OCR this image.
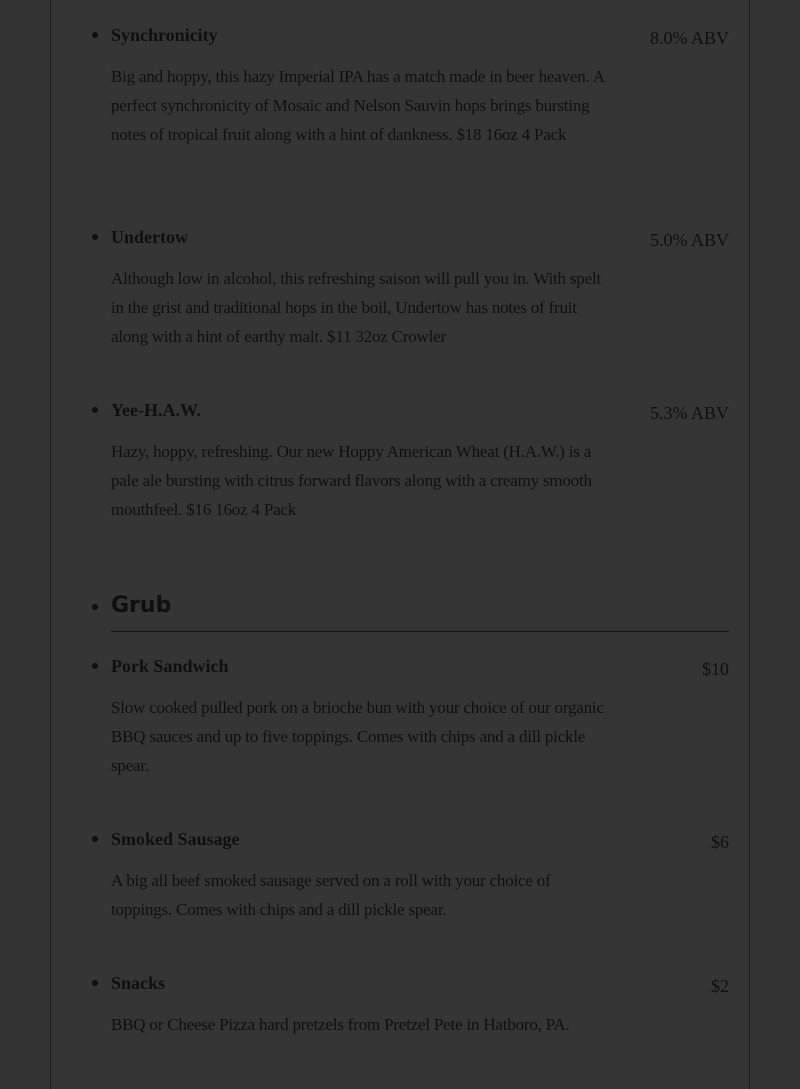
Synchronicity	8.0% ABV
Big and hoppy, this hazy Imperial IPA has a match made in beer heaven. A perfect synchronicity of Mosaic and Nelson Sauvin hops brings bursting notes of tropical fruit along with a hint of dankness. $18 16oz 4 Pack
Undertow	5.0% ABV
Although low in alcohol, this refreshing saison will pull you in. With spelt in the grist and traditional hops in the boil, Undertow has notes of fruit along with a hint of earthy malt. $11 32oz Crowler
Yee-H.A.W.	5.3% ABV
Hazy, hoppy, refreshing. Our new Hoppy American Wheat (H.A.W.) is a pale ale bursting with citrus forward flavors along with a creamy smooth mouthfeel. $16 16oz 4 Pack
Grub
Pork Sandwich	$10
Slow cooked pulled pork on a brioche bun with your choice of our organic BBQ sauces and up to five toppings. Comes with chips and a dill pickle spear.
Smoked Sausage	$6
A big all beef smoked sausage served on a roll with your choice of toppings. Comes with chips and a dill pickle spear.
Snacks	$2
BBQ or Cheese Pizza hard pretzels from Pretzel Pete in Hatboro, PA.
